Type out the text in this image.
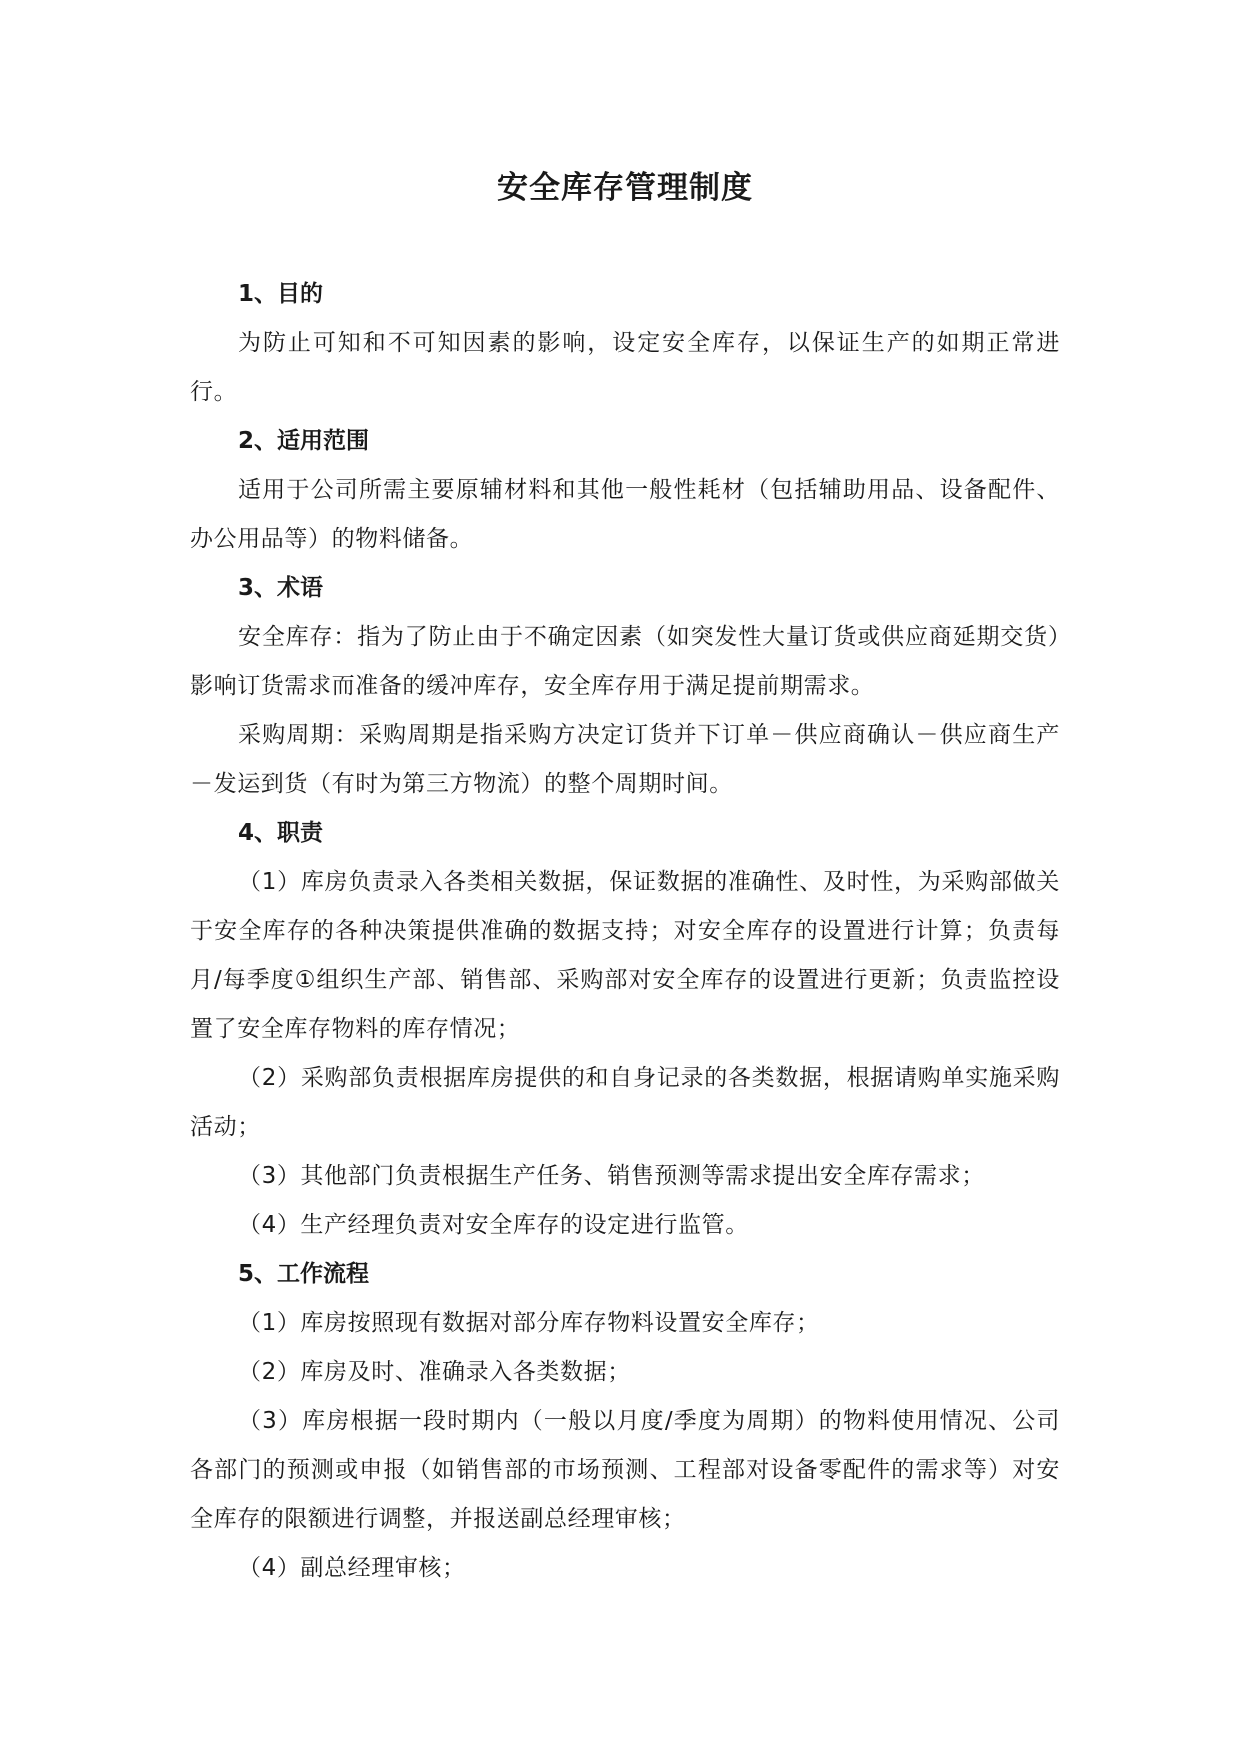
安全库存管理制度

1、目的

为防止可知和不可知因素的影响，设定安全库存，以保证生产的如期正常进行。

2、适用范围

适用于公司所需主要原辅材料和其他一般性耗材（包括辅助用品、设备配件、办公用品等）的物料储备。

3、术语

安全库存：指为了防止由于不确定因素（如突发性大量订货或供应商延期交货）影响订货需求而准备的缓冲库存，安全库存用于满足提前期需求。

采购周期：采购周期是指采购方决定订货并下订单－供应商确认－供应商生产－发运到货（有时为第三方物流）的整个周期时间。

4、职责

（1）库房负责录入各类相关数据，保证数据的准确性、及时性，为采购部做关于安全库存的各种决策提供准确的数据支持；对安全库存的设置进行计算；负责每月/每季度①组织生产部、销售部、采购部对安全库存的设置进行更新；负责监控设置了安全库存物料的库存情况；

（2）采购部负责根据库房提供的和自身记录的各类数据，根据请购单实施采购活动；

（3）其他部门负责根据生产任务、销售预测等需求提出安全库存需求；

（4）生产经理负责对安全库存的设定进行监管。

5、工作流程

（1）库房按照现有数据对部分库存物料设置安全库存；

（2）库房及时、准确录入各类数据；

（3）库房根据一段时期内（一般以月度/季度为周期）的物料使用情况、公司各部门的预测或申报（如销售部的市场预测、工程部对设备零配件的需求等）对安全库存的限额进行调整，并报送副总经理审核；

（4）副总经理审核；
